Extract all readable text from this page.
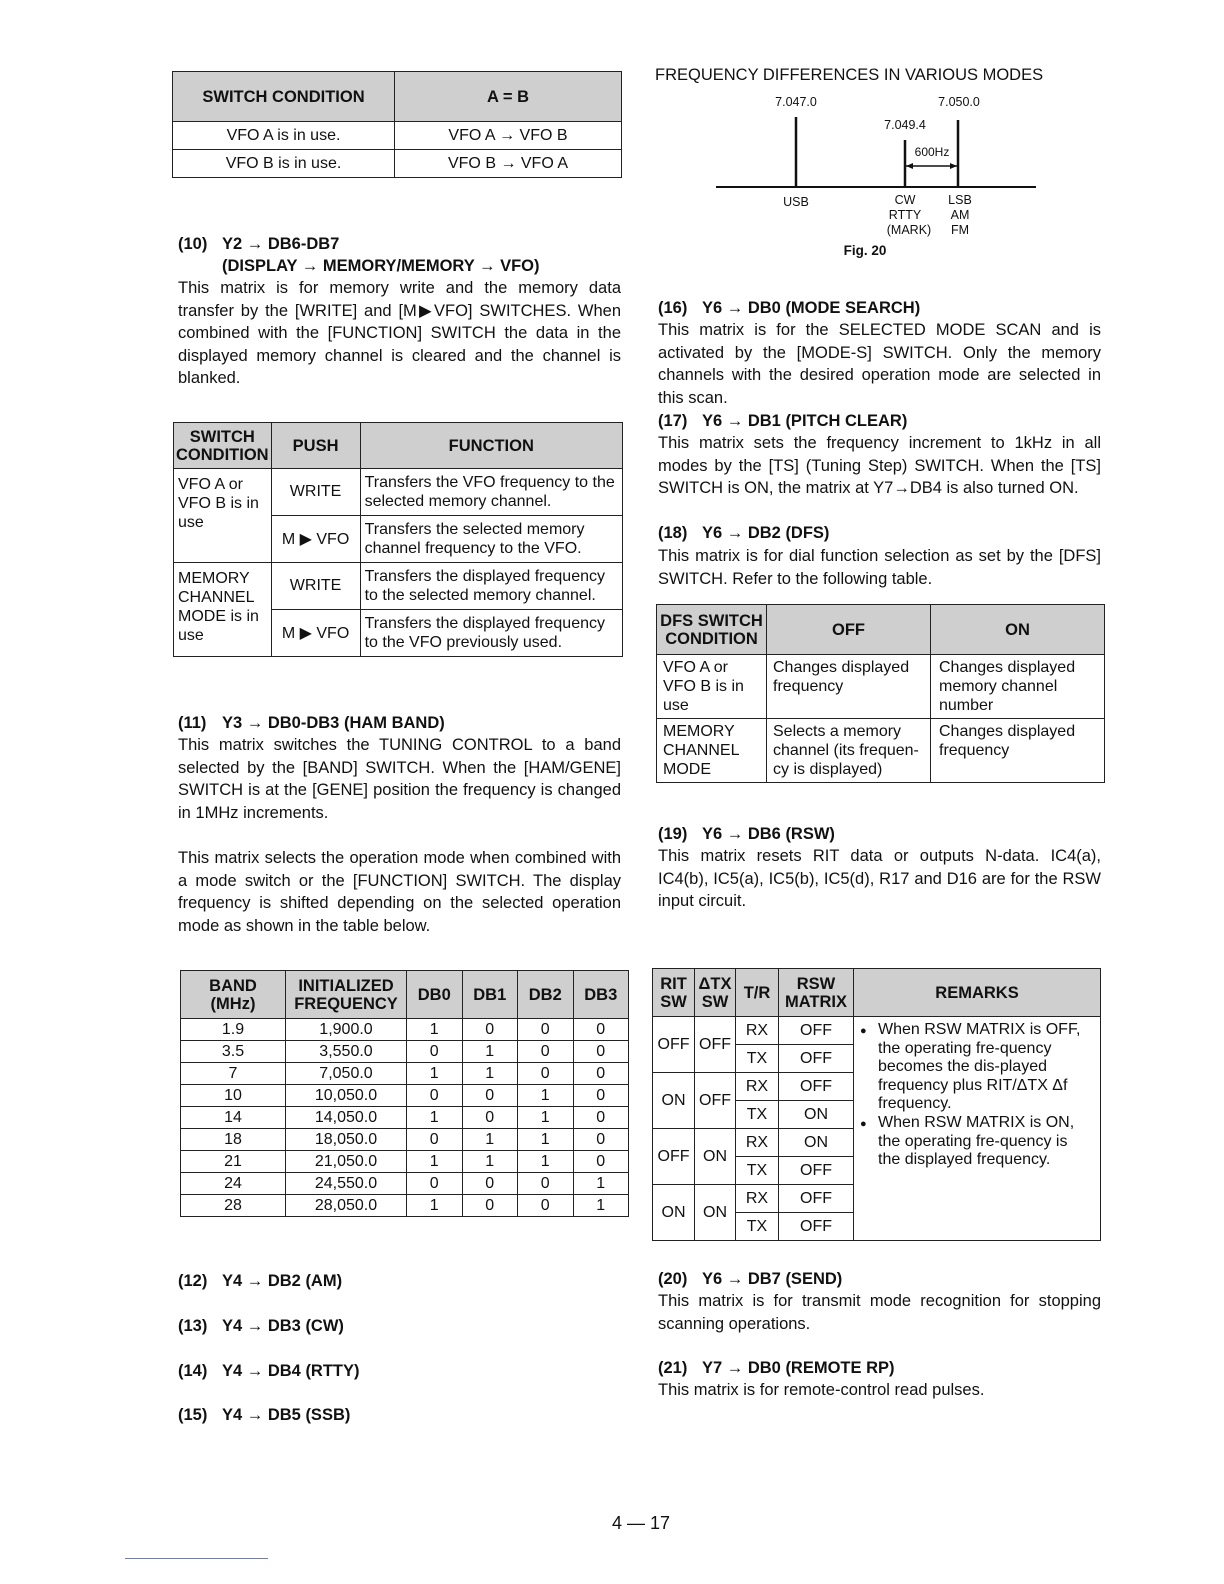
SWITCH CONDITION	A = B
VFO A is in use.	VFO A → VFO B
VFO B is in use.	VFO B → VFO A
(10) Y2 → DB6-DB7
(DISPLAY → MEMORY/MEMORY → VFO)
This matrix is for memory write and the memory data transfer by the [WRITE] and [M▶VFO] SWITCHES. When combined with the [FUNCTION] SWITCH the data in the displayed memory channel is cleared and the channel is blanked.
SWITCH CONDITION	PUSH	FUNCTION
VFO A or VFO B is in use	WRITE	Transfers the VFO frequency to the selected memory channel.
	M ▶ VFO	Transfers the selected memory channel frequency to the VFO.
MEMORY CHANNEL MODE is in use	WRITE	Transfers the displayed frequency to the selected memory channel.
	M ▶ VFO	Transfers the displayed frequency to the VFO previously used.
(11) Y3 → DB0-DB3 (HAM BAND)
This matrix switches the TUNING CONTROL to a band selected by the [BAND] SWITCH. When the [HAM/GENE] SWITCH is at the [GENE] position the frequency is changed in 1MHz increments.
This matrix selects the operation mode when combined with a mode switch or the [FUNCTION] SWITCH. The display frequency is shifted depending on the selected operation mode as shown in the table below.
BAND (MHz)	INITIALIZED FREQUENCY	DB0	DB1	DB2	DB3
1.9	1,900.0	1	0	0	0
3.5	3,550.0	0	1	0	0
7	7,050.0	1	1	0	0
10	10,050.0	0	0	1	0
14	14,050.0	1	0	1	0
18	18,050.0	0	1	1	0
21	21,050.0	1	1	1	0
24	24,550.0	0	0	0	1
28	28,050.0	1	0	0	1
(12) Y4 → DB2 (AM)
(13) Y4 → DB3 (CW)
(14) Y4 → DB4 (RTTY)
(15) Y4 → DB5 (SSB)
FREQUENCY DIFFERENCES IN VARIOUS MODES
7.047.0	7.050.0
7.049.4
600Hz
USB	CW
RTTY
(MARK)
LSB
AM
FM
Fig. 20
(16) Y6 → DB0 (MODE SEARCH)
This matrix is for the SELECTED MODE SCAN and is activated by the [MODE-S] SWITCH. Only the memory channels with the desired operation mode are selected in this scan.
(17) Y6 → DB1 (PITCH CLEAR)
This matrix sets the frequency increment to 1kHz in all modes by the [TS] (Tuning Step) SWITCH. When the [TS] SWITCH is ON, the matrix at Y7→DB4 is also turned ON.
(18) Y6 → DB2 (DFS)
This matrix is for dial function selection as set by the [DFS] SWITCH. Refer to the following table.
DFS SWITCH CONDITION	OFF	ON
VFO A or VFO B is in use	Changes displayed frequency	Changes displayed memory channel number
MEMORY CHANNEL MODE	Selects a memory channel (its frequen-cy is displayed)	Changes displayed frequency
(19) Y6 → DB6 (RSW)
This matrix resets RIT data or outputs N-data. IC4(a), IC4(b), IC5(a), IC5(b), IC5(d), R17 and D16 are for the RSW input circuit.
RIT SW	ΔTX SW	T/R	RSW MATRIX	REMARKS
OFF	OFF	RX	OFF	● When RSW MATRIX is OFF, the operating fre-quency becomes the dis-played frequency plus RIT/ΔTX Δf frequency.
● When RSW MATRIX is ON, the operating fre-quency is the displayed frequency.

		TX	OFF	
ON	OFF	RX	OFF	
		TX	ON	
OFF	ON	RX	ON	
		TX	OFF	
ON	ON	RX	OFF	
		TX	OFF	
(20) Y6 → DB7 (SEND)
This matrix is for transmit mode recognition for stopping scanning operations.
(21) Y7 → DB0 (REMOTE RP)
This matrix is for remote-control read pulses.
4 — 17
